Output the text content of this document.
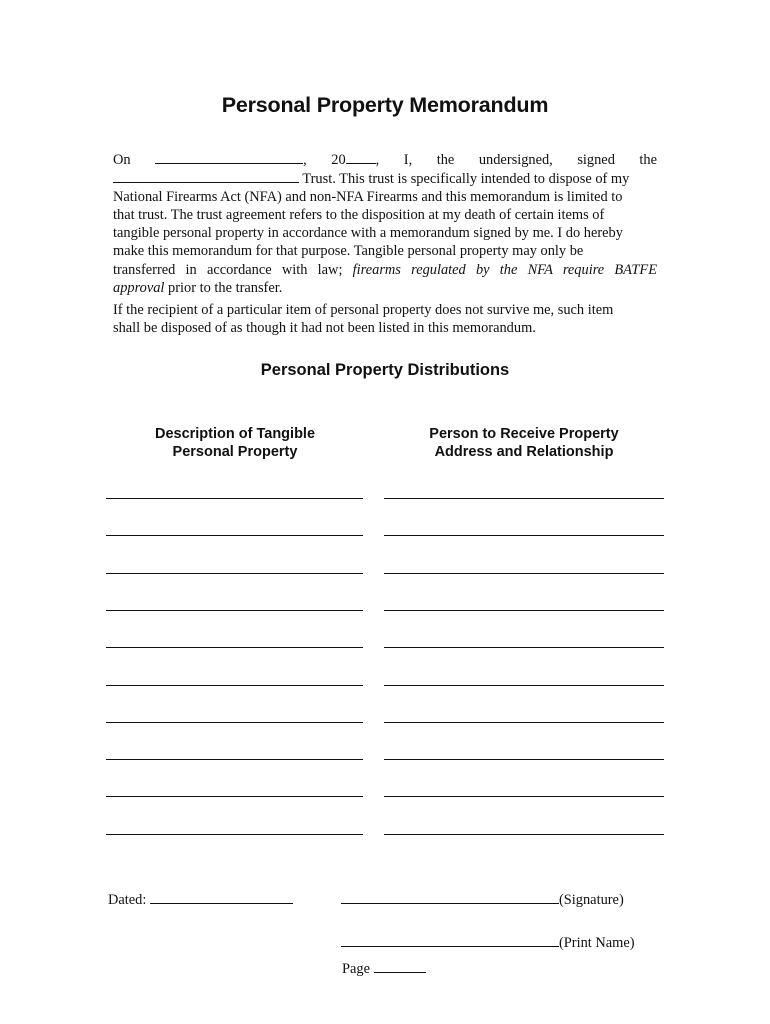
Personal Property Memorandum
On	, 20 , I, the undersigned, signed the
Trust. This trust is specifically intended to dispose of my
National Firearms Act (NFA) and non-NFA Firearms and this memorandum is limited to
that trust. The trust agreement refers to the disposition at my death of certain items of
tangible personal property in accordance with a memorandum signed by me. I do hereby
make this memorandum for that purpose. Tangible personal property may only be
transferred in accordance with law; firearms regulated by the NFA require BATFE
approval prior to the transfer.
If the recipient of a particular item of personal property does not survive me, such item
shall be disposed of as though it had not been listed in this memorandum.
Personal Property Distributions
Description of Tangible
Personal Property
Person to Receive Property
Address and Relationship
Dated:	(Signature)
(Print Name)
Page
